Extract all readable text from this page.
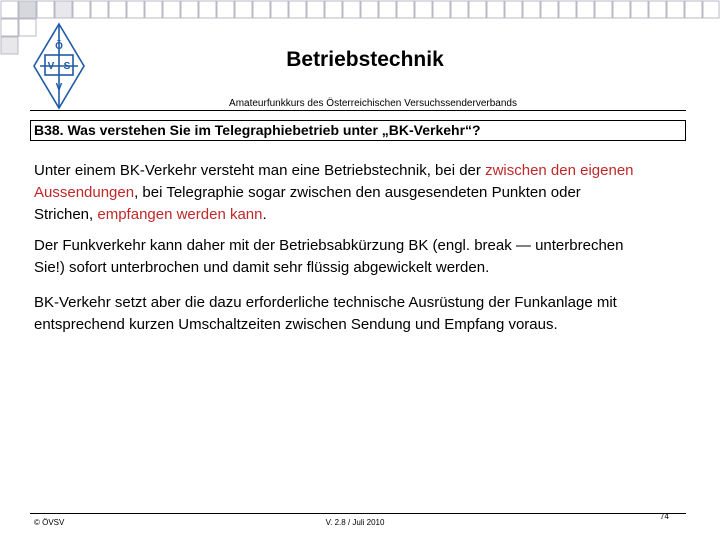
Ö
V S
V
Betriebstechnik
Amateurfunkkurs des Österreichischen Versuchssenderverbands
B38. Was verstehen Sie im Telegraphiebetrieb unter „BK-Verkehr“?

Unter einem BK-Verkehr versteht man eine Betriebstechnik, bei der zwischen den eigenen
Aussendungen, bei Telegraphie sogar zwischen den ausgesendeten Punkten oder
Strichen, empfangen werden kann.

Der Funkverkehr kann daher mit der Betriebsabkürzung BK (engl. break — unterbrechen
Sie!) sofort unterbrochen und damit sehr flüssig abgewickelt werden.

BK-Verkehr setzt aber die dazu erforderliche technische Ausrüstung der Funkanlage mit
entsprechend kurzen Umschaltzeiten zwischen Sendung und Empfang voraus.

© ÖVSV	V. 2.8 / Juli 2010
74
